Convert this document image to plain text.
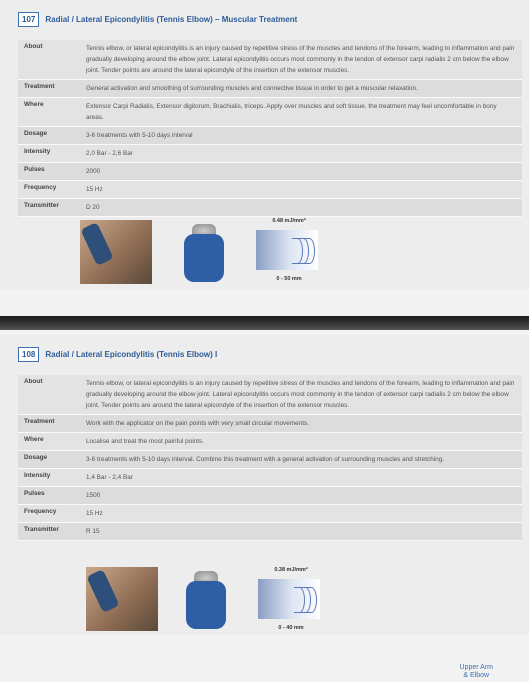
107	Radial / Lateral Epicondylitis (Tennis Elbow) – Muscular Treatment
About	Tennis elbow, or lateral epicondylitis is an injury caused by repetitive stress of the muscles and tendons of the forearm, leading to inflammation and pain gradually developing around the elbow joint. Lateral epicondylitis occurs most commonly in the tendon of extensor carpi radialis 2 cm below the elbow joint. Tender points are around the lateral epicondyle of the insertion of the extensor muscles.
Treatment	General activation and smoothing of surrounding muscles and connective tissue in order to get a muscular relaxation.
Where	Extensor Carpi Radialis, Extensor digitorum, Brachialis, triceps. Apply over muscles and soft tissue, the treatment may feel uncomfortable in bony areas.
Dosage	3-6 treatments with 5-10 days interval
Intensity	2,0 Bar - 2,6 Bar
Pulses	2000
Frequency	15 Hz
Transmitter	D 20
0.48 mJ/mm²
0 - 50 mm
108	Radial / Lateral Epicondylitis (Tennis Elbow) I
About	Tennis elbow, or lateral epicondylitis is an injury caused by repetitive stress of the muscles and tendons of the forearm, leading to inflammation and pain gradually developing around the elbow joint. Lateral epicondylitis occurs most commonly in the tendon of extensor carpi radialis 2 cm below the elbow joint. Tender points are around the lateral epicondyle of the insertion of the extensor muscles.
Treatment	Work with the applicator on the pain points with very small circular movements.
Where	Localise and treat the most painful points.
Dosage	3-6 treatments with 5-10 days interval. Combine this treatment with a general activation of surrounding muscles and stretching.
Intensity	1,4 Bar - 2,4 Bar
Pulses	1500
Frequency	15 Hz
Transmitter	R 15
0.38 mJ/mm²
0 - 40 mm
Upper Arm
& Elbow
